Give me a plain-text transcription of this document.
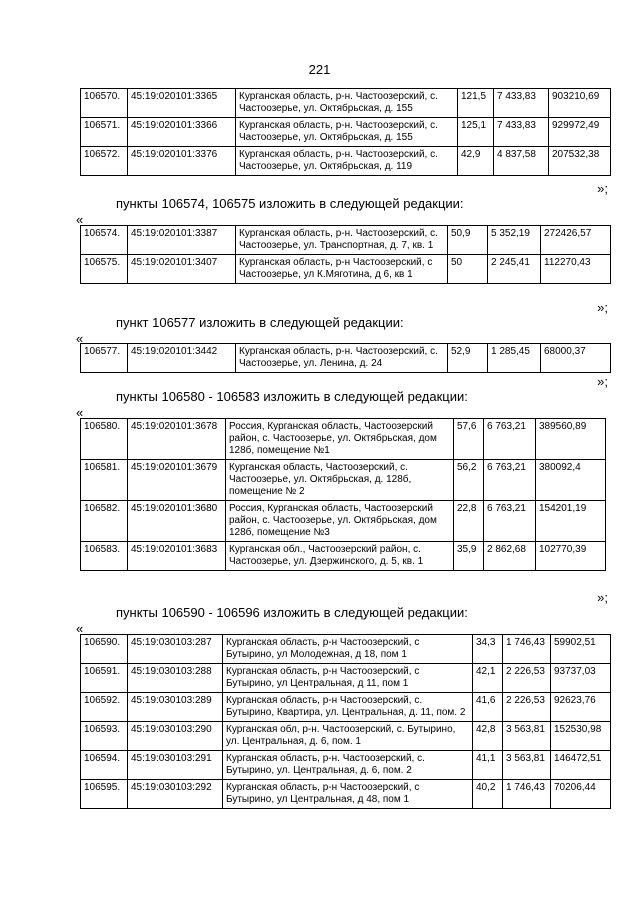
221
106570.	45:19:020101:3365	Курганская область, р-н. Частоозерский, с. Частоозерье, ул. Октябрьская, д. 155	121,5	7 433,83	903210,69
106571.	45:19:020101:3366	Курганская область, р-н. Частоозерский, с. Частоозерье, ул. Октябрьская, д. 155	125,1	7 433,83	929972,49
106572.	45:19:020101:3376	Курганская область, р-н. Частоозерский, с. Частоозерье, ул. Октябрьская, д. 119	42,9	4 837,58	207532,38
»;
пункты 106574, 106575 изложить в следующей редакции:
«
106574.	45:19:020101:3387	Курганская область, р-н. Частоозерский, с. Частоозерье, ул. Транспортная, д. 7, кв. 1	50,9	5 352,19	272426,57
106575.	45:19:020101:3407	Курганская область, р-н Частоозерский, с Частоозерье, ул К.Мяготина, д 6, кв 1	50	2 245,41	112270,43
»;
пункт 106577 изложить в следующей редакции:
«
106577.	45:19:020101:3442	Курганская область, р-н. Частоозерский, с. Частоозерье, ул. Ленина, д. 24	52,9	1 285,45	68000,37
»;
пункты 106580 - 106583 изложить в следующей редакции:
«
106580.	45:19:020101:3678	Россия, Курганская область, Частоозерский район, с. Частоозерье, ул. Октябрьская, дом 128б, помещение №1	57,6	6 763,21	389560,89
106581.	45:19:020101:3679	Курганская область, Частоозерский, с. Частоозерье, ул. Октябрьская, д. 128б, помещение № 2	56,2	6 763,21	380092,4
106582.	45:19:020101:3680	Россия, Курганская область, Частоозерский район, с. Частоозерье, ул. Октябрьская, дом 128б, помещение №3	22,8	6 763,21	154201,19
106583.	45:19:020101:3683	Курганская обл., Частоозерский район, с. Частоозерье, ул. Дзержинского, д. 5, кв. 1	35,9	2 862,68	102770,39
»;
пункты 106590 - 106596 изложить в следующей редакции:
«
106590.	45:19:030103:287	Курганская область, р-н Частоозерский, с Бутырино, ул Молодежная, д 18, пом 1	34,3	1 746,43	59902,51
106591.	45:19:030103:288	Курганская область, р-н Частоозерский, с Бутырино, ул Центральная, д 11, пом 1	42,1	2 226,53	93737,03
106592.	45:19:030103:289	Курганская область, р-н Частоозерский, с. Бутырино, Квартира, ул. Центральная, д. 11, пом. 2	41,6	2 226,53	92623,76
106593.	45:19:030103:290	Курганская обл, р-н. Частоозерский, с. Бутырино, ул. Центральная, д. 6, пом. 1	42,8	3 563,81	152530,98
106594.	45:19:030103:291	Курганская область, р-н. Частоозерский, с. Бутырино, ул. Центральная, д. 6, пом. 2	41,1	3 563,81	146472,51
106595.	45:19:030103:292	Курганская область, р-н Частоозерский, с Бутырино, ул Центральная, д 48, пом 1	40,2	1 746,43	70206,44
